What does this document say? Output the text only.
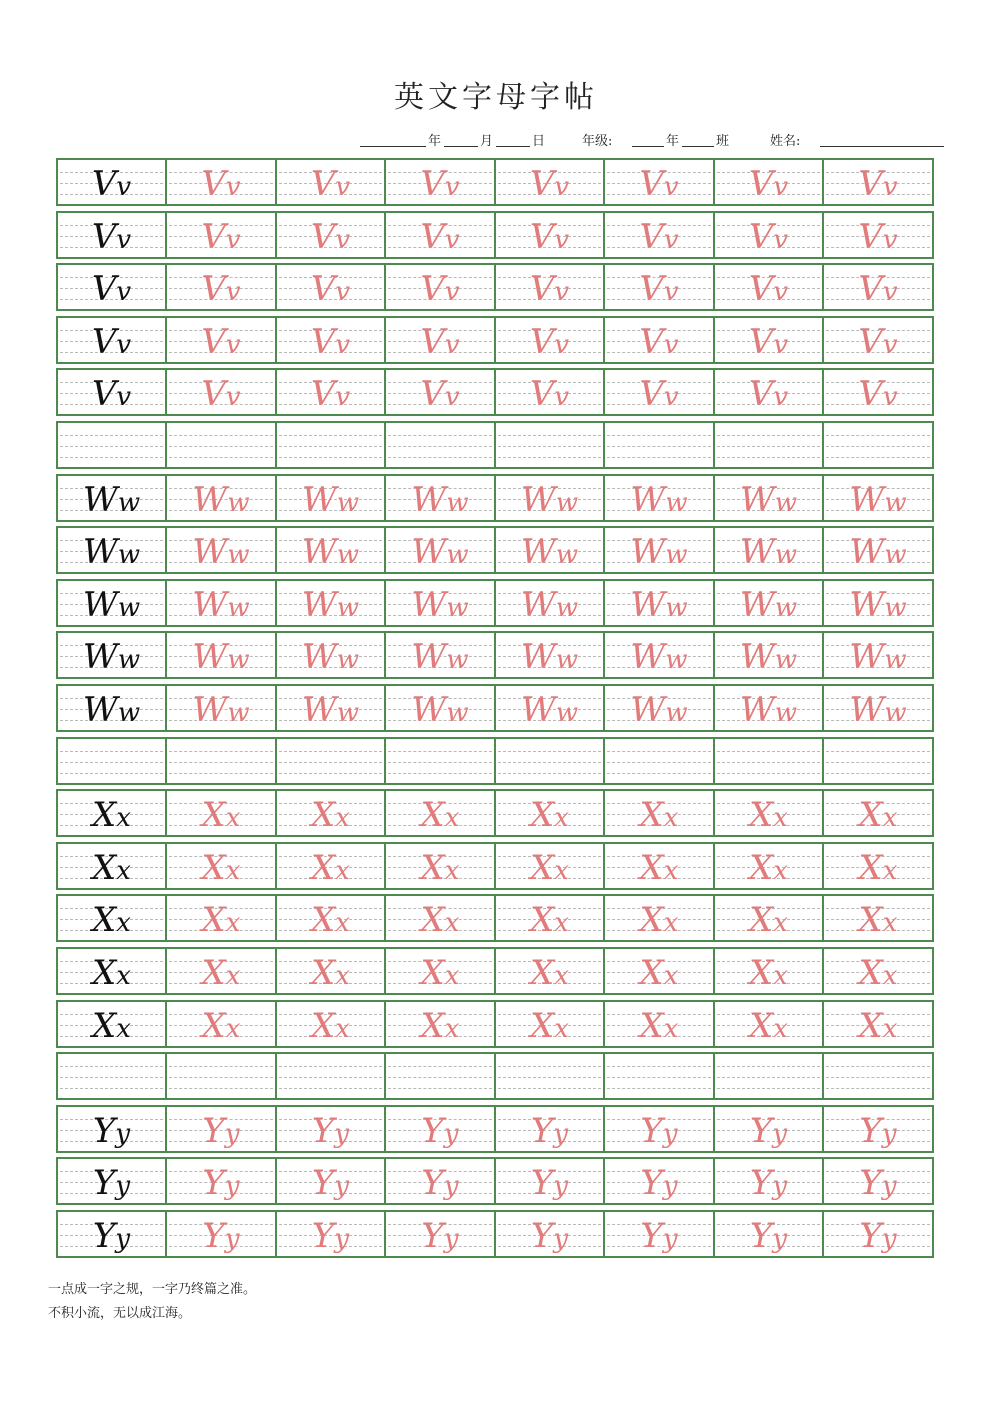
英文字母字帖
年	月	日	年级:	年	班	姓名:
Vv	Vv	Vv	Vv	Vv	Vv	Vv	Vv
Vv	Vv	Vv	Vv	Vv	Vv	Vv	Vv
Vv	Vv	Vv	Vv	Vv	Vv	Vv	Vv
Vv	Vv	Vv	Vv	Vv	Vv	Vv	Vv
Vv	Vv	Vv	Vv	Vv	Vv	Vv	Vv
Ww	Ww	Ww	Ww	Ww	Ww	Ww	Ww
Ww	Ww	Ww	Ww	Ww	Ww	Ww	Ww
Ww	Ww	Ww	Ww	Ww	Ww	Ww	Ww
Ww	Ww	Ww	Ww	Ww	Ww	Ww	Ww
Ww	Ww	Ww	Ww	Ww	Ww	Ww	Ww
Xx	Xx	Xx	Xx	Xx	Xx	Xx	Xx
Xx	Xx	Xx	Xx	Xx	Xx	Xx	Xx
Xx	Xx	Xx	Xx	Xx	Xx	Xx	Xx
Xx	Xx	Xx	Xx	Xx	Xx	Xx	Xx
Xx	Xx	Xx	Xx	Xx	Xx	Xx	Xx
Yy	Yy	Yy	Yy	Yy	Yy	Yy	Yy
Yy	Yy	Yy	Yy	Yy	Yy	Yy	Yy
Yy	Yy	Yy	Yy	Yy	Yy	Yy	Yy
一点成一字之规，一字乃终篇之准。
不积小流，无以成江海。
